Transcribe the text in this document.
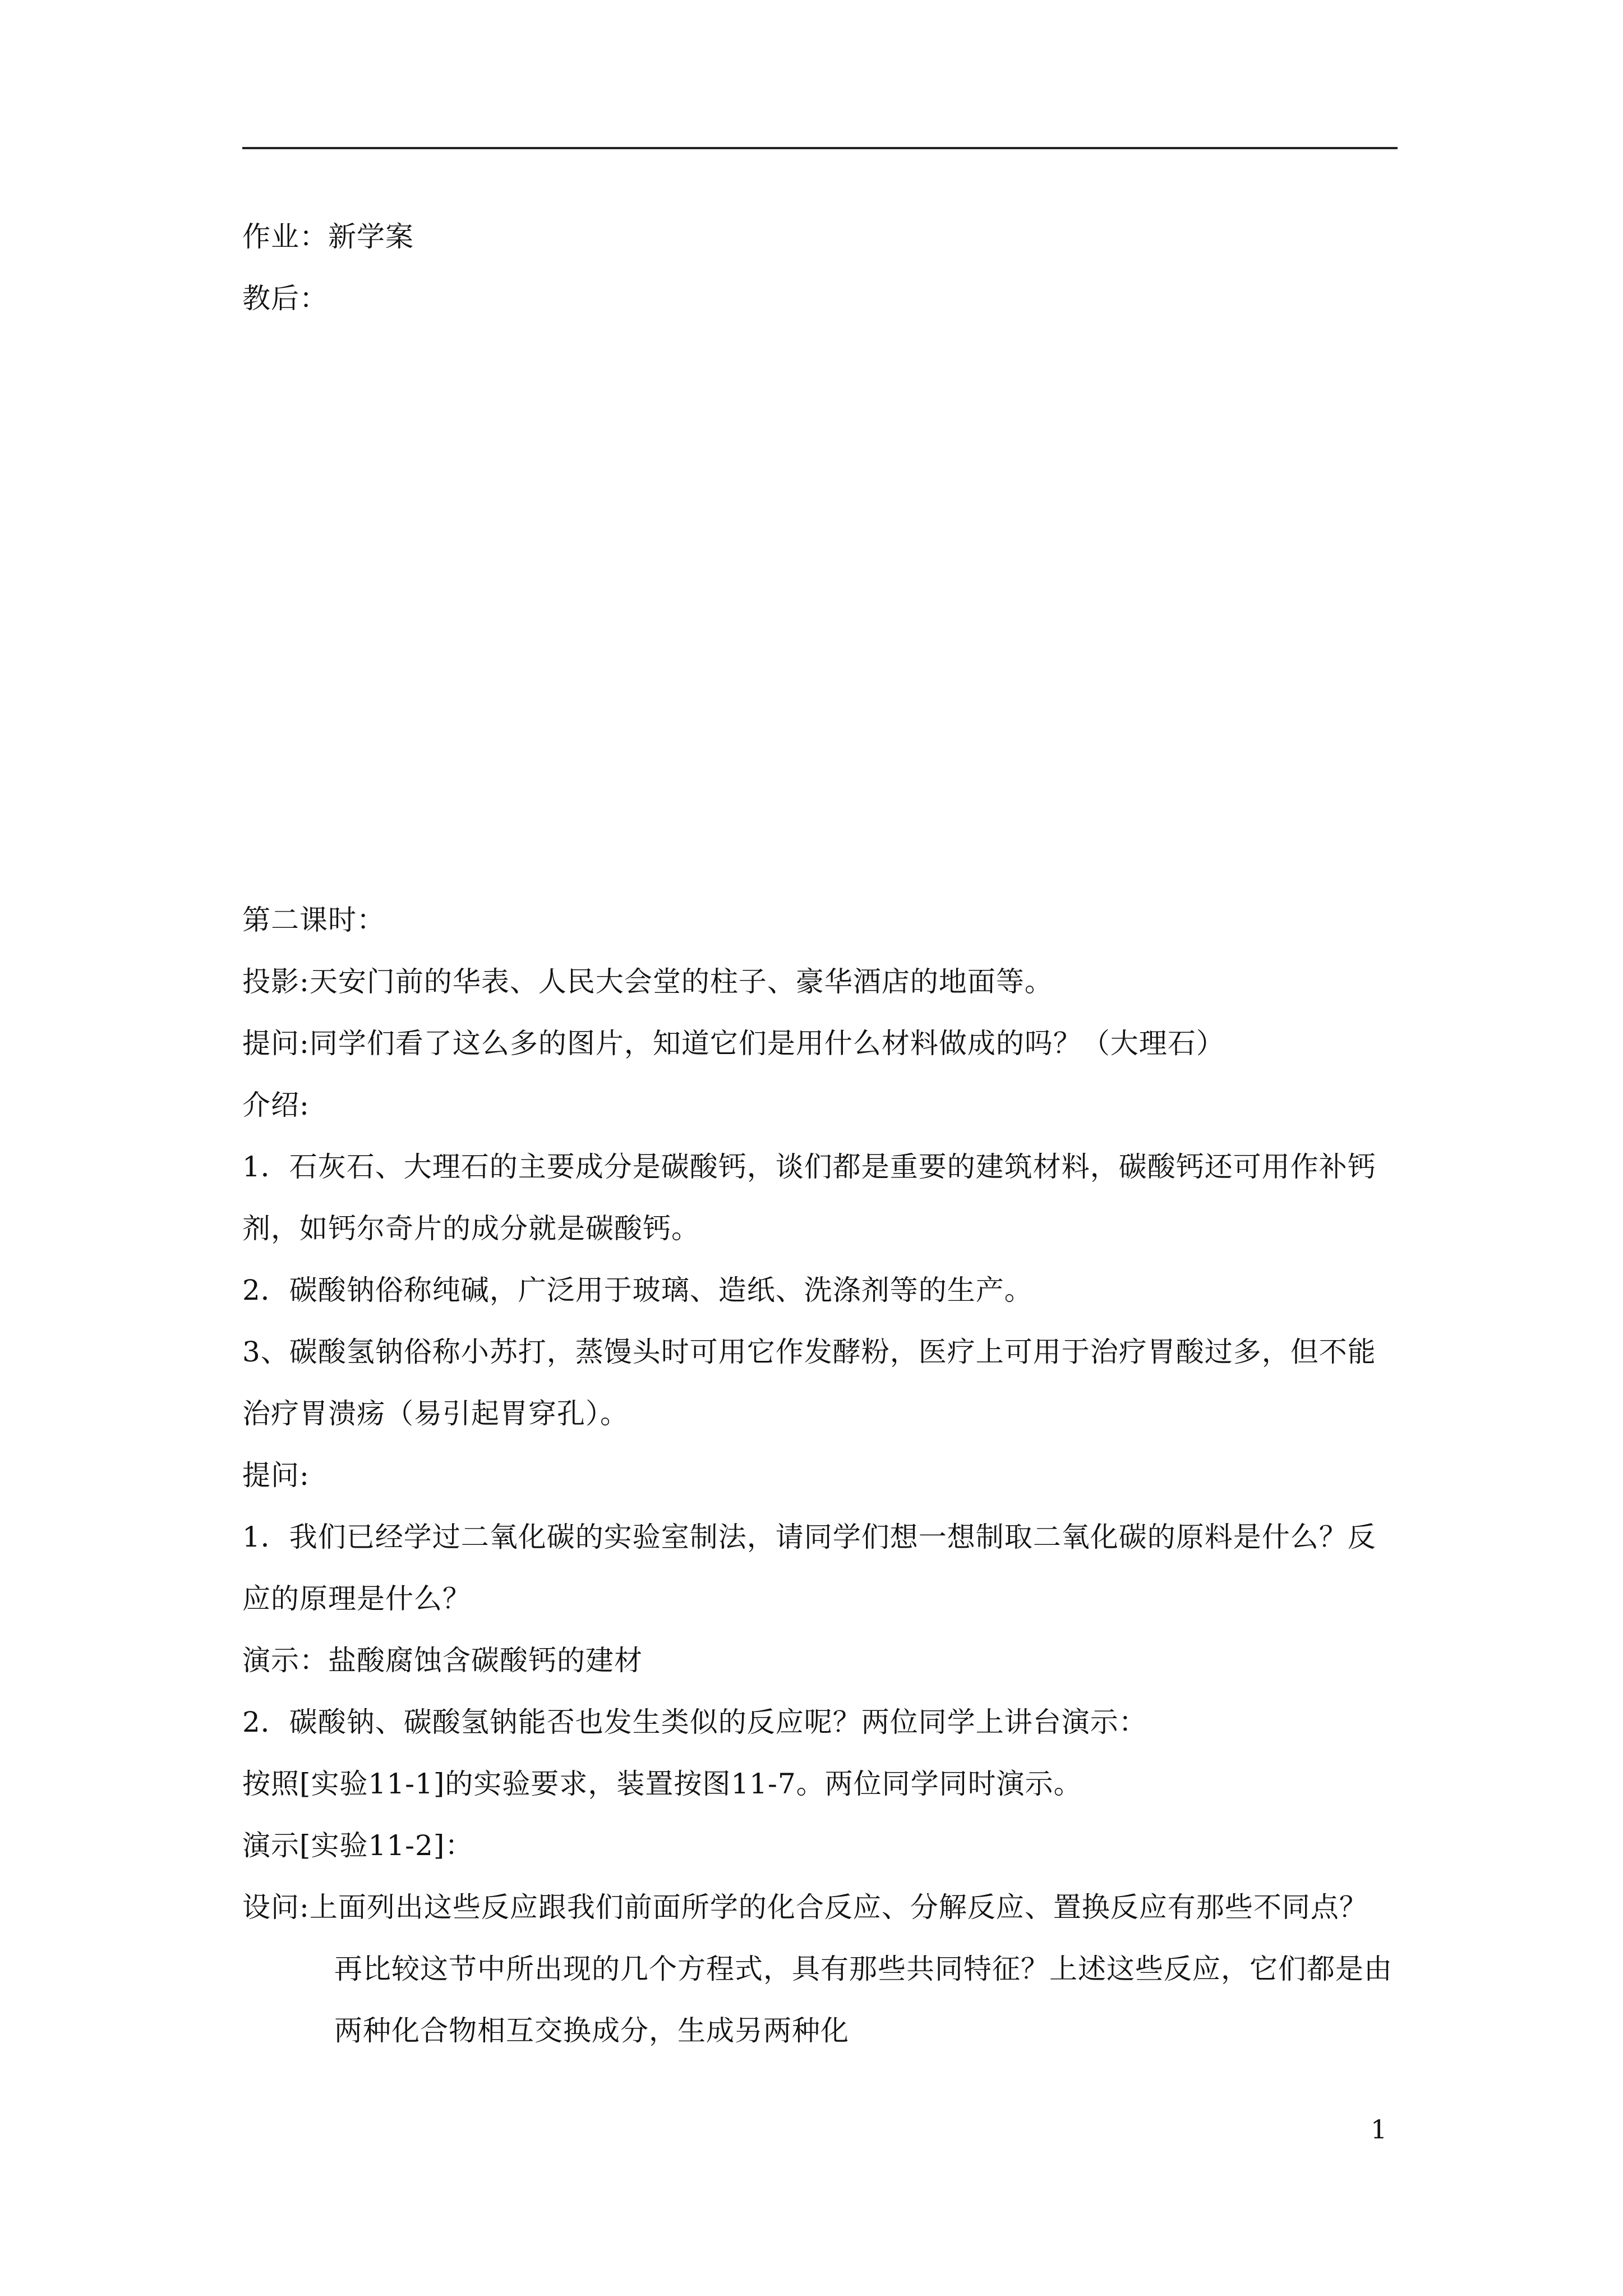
作业：新学案
教后：
第二课时：
投影:天安门前的华表、人民大会堂的柱子、豪华酒店的地面等。
提问:同学们看了这么多的图片，知道它们是用什么材料做成的吗？（大理石）
介绍:
1．石灰石、大理石的主要成分是碳酸钙，谈们都是重要的建筑材料，碳酸钙还可用作补钙
剂，如钙尔奇片的成分就是碳酸钙。
2．碳酸钠俗称纯碱，广泛用于玻璃、造纸、洗涤剂等的生产。
3、碳酸氢钠俗称小苏打，蒸馒头时可用它作发酵粉，医疗上可用于治疗胃酸过多，但不能
治疗胃溃疡（易引起胃穿孔）。
提问:
1．我们已经学过二氧化碳的实验室制法，请同学们想一想制取二氧化碳的原料是什么？反
应的原理是什么？
演示：盐酸腐蚀含碳酸钙的建材
2．碳酸钠、碳酸氢钠能否也发生类似的反应呢？两位同学上讲台演示：
按照[实验11-1]的实验要求，装置按图11-7。两位同学同时演示。
演示[实验11-2]：
设问:上面列出这些反应跟我们前面所学的化合反应、分解反应、置换反应有那些不同点？
再比较这节中所出现的几个方程式，具有那些共同特征？上述这些反应，它们都是由
两种化合物相互交换成分，生成另两种化
1
